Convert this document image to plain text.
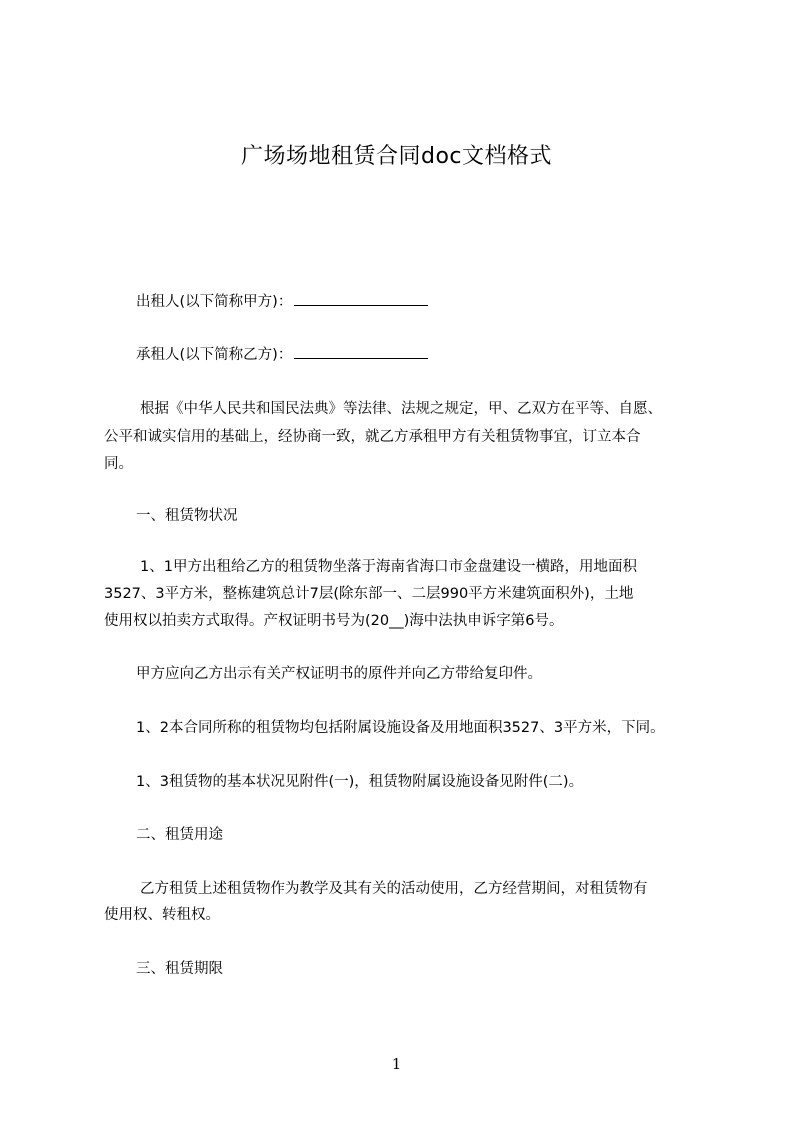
广场场地租赁合同doc文档格式
出租人(以下简称甲方)：
承租人(以下简称乙方)：
根据《中华人民共和国民法典》等法律、法规之规定，甲、乙双方在平等、自愿、
公平和诚实信用的基础上，经协商一致，就乙方承租甲方有关租赁物事宜，订立本合
同。
一、租赁物状况
1、1甲方出租给乙方的租赁物坐落于海南省海口市金盘建设一横路，用地面积
3527、3平方米，整栋建筑总计7层(除东部一、二层990平方米建筑面积外)，土地
使用权以拍卖方式取得。产权证明书号为(20__)海中法执申诉字第6号。
甲方应向乙方出示有关产权证明书的原件并向乙方带给复印件。
1、2本合同所称的租赁物均包括附属设施设备及用地面积3527、3平方米，下同。
1、3租赁物的基本状况见附件(一)，租赁物附属设施设备见附件(二)。
二、租赁用途
乙方租赁上述租赁物作为教学及其有关的活动使用，乙方经营期间，对租赁物有
使用权、转租权。
三、租赁期限
1
